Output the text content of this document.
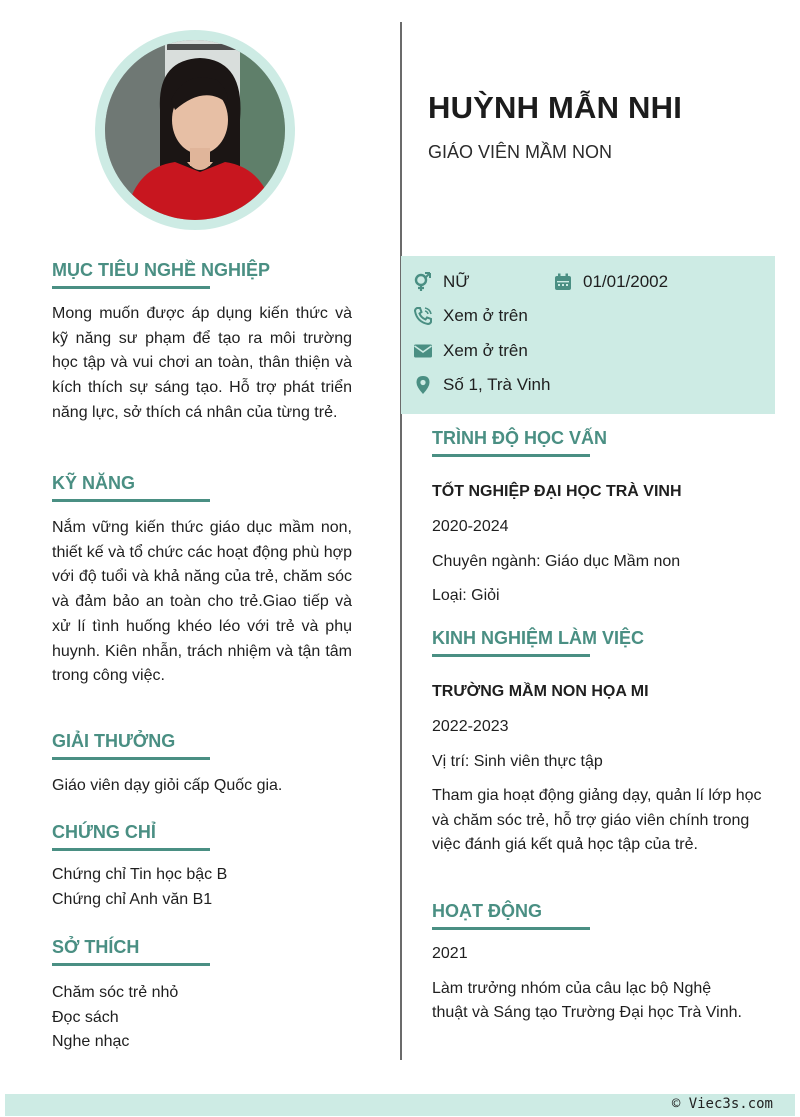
HUỲNH MẪN NHI

GIÁO VIÊN MẦM NON

NỮ	01/01/2002
Xem ở trên
Xem ở trên
Số 1, Trà Vinh
MỤC TIÊU NGHỀ NGHIỆP

Mong muốn được áp dụng kiến thức và kỹ năng sư phạm để tạo ra môi trường học tập và vui chơi an toàn, thân thiện và kích thích sự sáng tạo. Hỗ trợ phát triển năng lực, sở thích cá nhân của từng trẻ.

KỸ NĂNG

Nắm vững kiến thức giáo dục mầm non, thiết kế và tổ chức các hoạt động phù hợp với độ tuổi và khả năng của trẻ, chăm sóc và đảm bảo an toàn cho trẻ.Giao tiếp và xử lí tình huống khéo léo với trẻ và phụ huynh. Kiên nhẫn, trách nhiệm và tận tâm trong công việc.

GIẢI THƯỞNG

Giáo viên dạy giỏi cấp Quốc gia.

CHỨNG CHỈ

Chứng chỉ Tin học bậc B

Chứng chỉ Anh văn B1

SỞ THÍCH

Chăm sóc trẻ nhỏ

Đọc sách

Nghe nhạc

TRÌNH ĐỘ HỌC VẤN

TỐT NGHIỆP ĐẠI HỌC TRÀ VINH

2020-2024

Chuyên ngành: Giáo dục Mầm non

Loại: Giỏi

KINH NGHIỆM LÀM VIỆC

TRƯỜNG MẦM NON HỌA MI

2022-2023

Vị trí: Sinh viên thực tập

Tham gia hoạt động giảng dạy, quản lí lớp học và chăm sóc trẻ, hỗ trợ giáo viên chính trong việc đánh giá kết quả học tập của trẻ.

HOẠT ĐỘNG

2021

Làm trưởng nhóm của câu lạc bộ Nghệ thuật và Sáng tạo Trường Đại học Trà Vinh.

© Viec3s.com
